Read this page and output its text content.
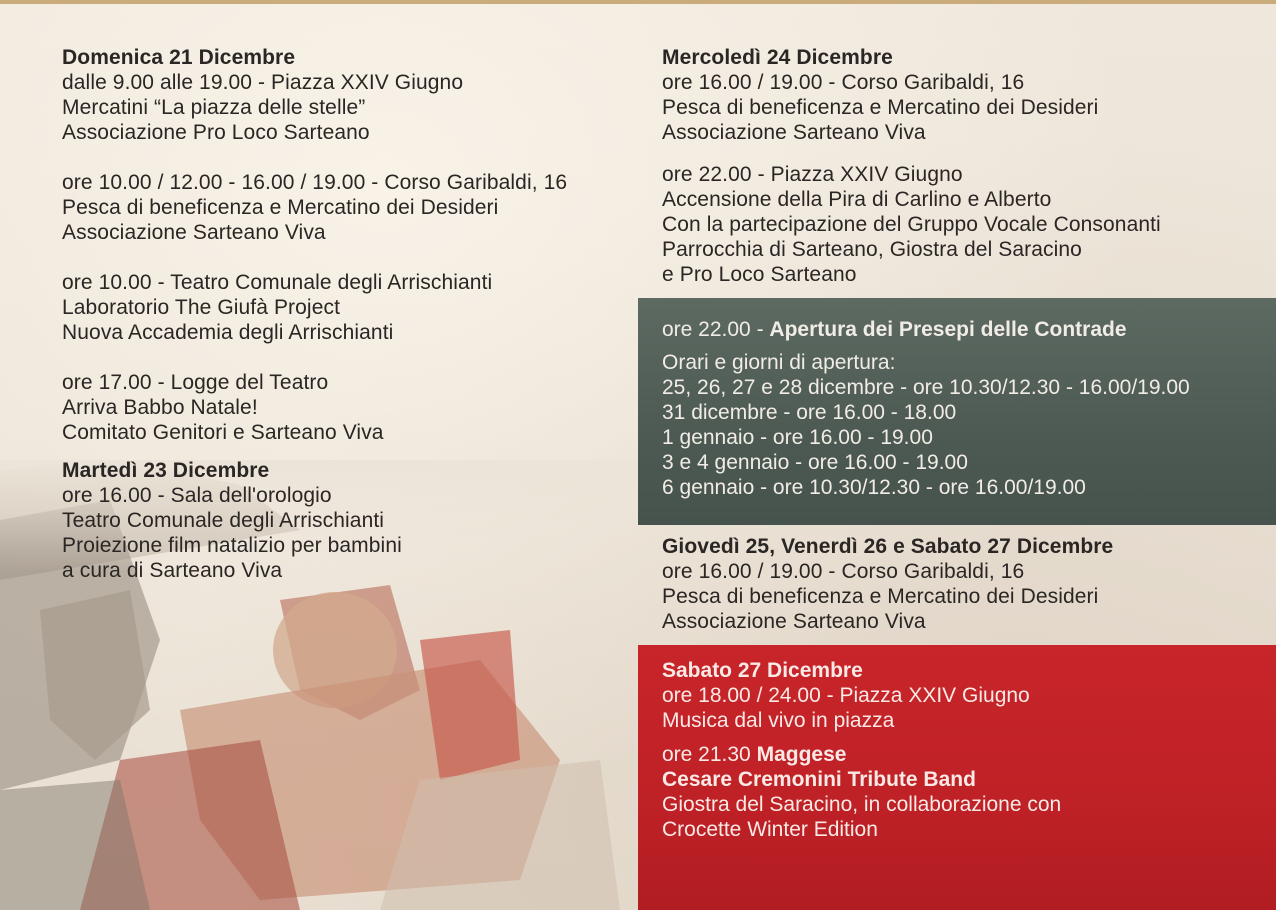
Domenica 21 Dicembre
dalle 9.00 alle 19.00 - Piazza XXIV Giugno
Mercatini “La piazza delle stelle”
Associazione Pro Loco Sarteano
ore 10.00 / 12.00 - 16.00 / 19.00 - Corso Garibaldi, 16
Pesca di beneficenza e Mercatino dei Desideri
Associazione Sarteano Viva
ore 10.00 - Teatro Comunale degli Arrischianti
Laboratorio The Giufà Project
Nuova Accademia degli Arrischianti
ore 17.00 - Logge del Teatro
Arriva Babbo Natale!
Comitato Genitori e Sarteano Viva
Martedì 23 Dicembre
ore 16.00 - Sala dell'orologio
Teatro Comunale degli Arrischianti
Proiezione film natalizio per bambini
a cura di Sarteano Viva
Mercoledì 24 Dicembre
ore 16.00 / 19.00 - Corso Garibaldi, 16
Pesca di beneficenza e Mercatino dei Desideri
Associazione Sarteano Viva
ore 22.00 - Piazza XXIV Giugno
Accensione della Pira di Carlino e Alberto
Con la partecipazione del Gruppo Vocale Consonanti
Parrocchia di Sarteano, Giostra del Saracino
e Pro Loco Sarteano
ore 22.00 - Apertura dei Presepi delle Contrade
Orari e giorni di apertura:
25, 26, 27 e 28 dicembre - ore 10.30/12.30 - 16.00/19.00
31 dicembre - ore 16.00 - 18.00
1 gennaio - ore 16.00 - 19.00
3 e 4 gennaio - ore 16.00 - 19.00
6 gennaio - ore 10.30/12.30 - ore 16.00/19.00
Giovedì 25, Venerdì 26 e Sabato 27 Dicembre
ore 16.00 / 19.00 - Corso Garibaldi, 16
Pesca di beneficenza e Mercatino dei Desideri
Associazione Sarteano Viva
Sabato 27 Dicembre
ore 18.00 / 24.00 - Piazza XXIV Giugno
Musica dal vivo in piazza
ore 21.30 Maggese
Cesare Cremonini Tribute Band
Giostra del Saracino, in collaborazione con
Crocette Winter Edition
